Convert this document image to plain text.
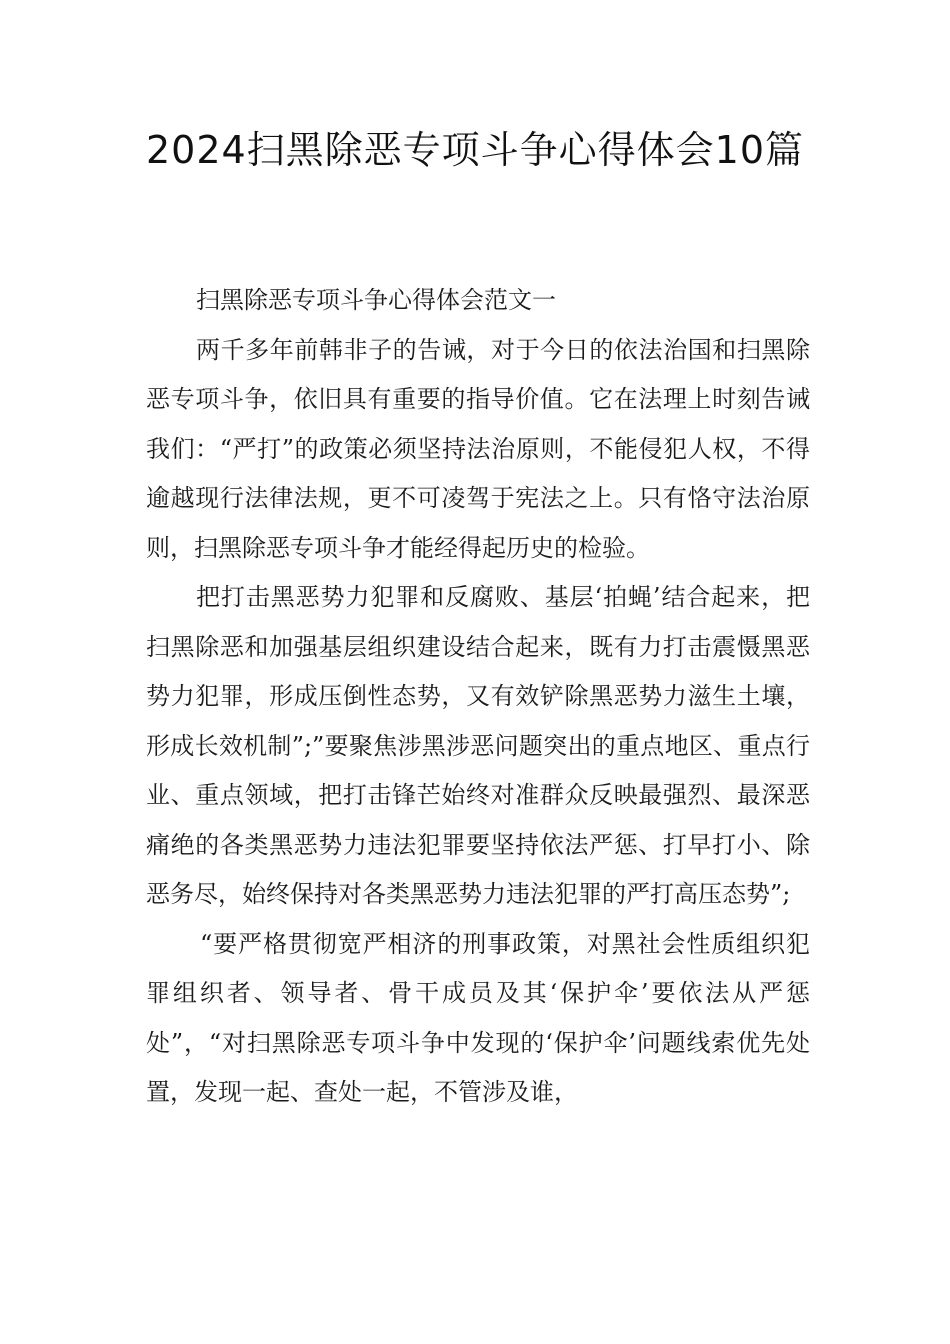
2024扫黑除恶专项斗争心得体会10篇

扫黑除恶专项斗争心得体会范文一

两千多年前韩非子的告诫，对于今日的依法治国和扫黑除恶专项斗争，依旧具有重要的指导价值。它在法理上时刻告诫我们：“严打”的政策必须坚持法治原则，不能侵犯人权，不得逾越现行法律法规，更不可凌驾于宪法之上。只有恪守法治原则，扫黑除恶专项斗争才能经得起历史的检验。

把打击黑恶势力犯罪和反腐败、基层‘拍蝇’结合起来，把扫黑除恶和加强基层组织建设结合起来，既有力打击震慑黑恶势力犯罪，形成压倒性态势，又有效铲除黑恶势力滋生土壤，形成长效机制”;”要聚焦涉黑涉恶问题突出的重点地区、重点行业、重点领域，把打击锋芒始终对准群众反映最强烈、最深恶痛绝的各类黑恶势力违法犯罪要坚持依法严惩、打早打小、除恶务尽，始终保持对各类黑恶势力违法犯罪的严打高压态势”;

“要严格贯彻宽严相济的刑事政策，对黑社会性质组织犯罪组织者、领导者、骨干成员及其‘保护伞’要依法从严惩处”，“对扫黑除恶专项斗争中发现的‘保护伞’问题线索优先处置，发现一起、查处一起，不管涉及谁，
